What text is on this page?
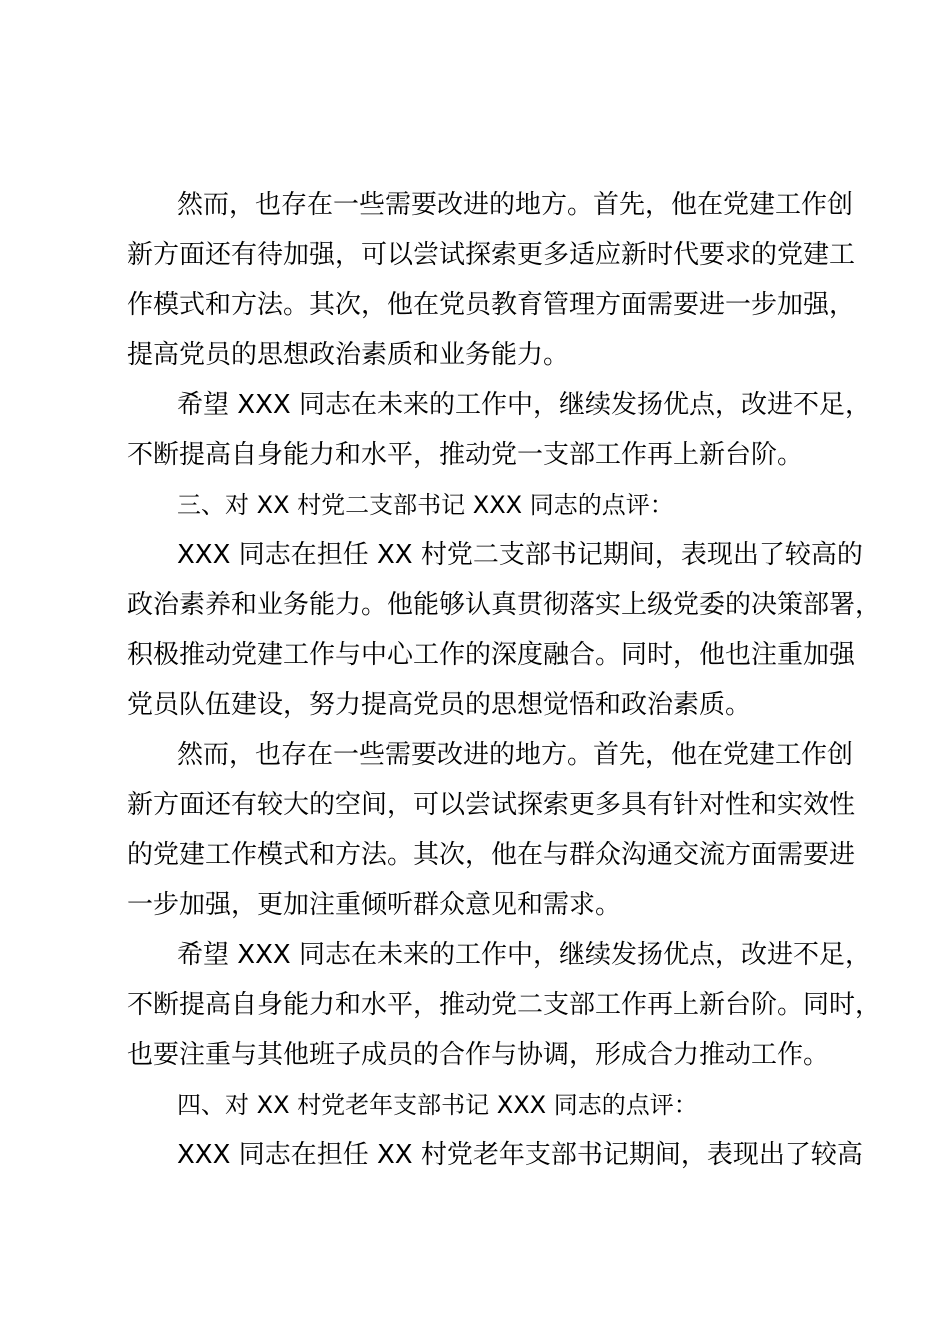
然而，也存在一些需要改进的地方。首先，他在党建工作创
新方面还有待加强，可以尝试探索更多适应新时代要求的党建工
作模式和方法。其次，他在党员教育管理方面需要进一步加强，
提高党员的思想政治素质和业务能力。
希望 XXX 同志在未来的工作中，继续发扬优点，改进不足，
不断提高自身能力和水平，推动党一支部工作再上新台阶。
三、对 XX 村党二支部书记 XXX 同志的点评：
XXX 同志在担任 XX 村党二支部书记期间，表现出了较高的
政治素养和业务能力。他能够认真贯彻落实上级党委的决策部署，
积极推动党建工作与中心工作的深度融合。同时，他也注重加强
党员队伍建设，努力提高党员的思想觉悟和政治素质。
然而，也存在一些需要改进的地方。首先，他在党建工作创
新方面还有较大的空间，可以尝试探索更多具有针对性和实效性
的党建工作模式和方法。其次，他在与群众沟通交流方面需要进
一步加强，更加注重倾听群众意见和需求。
希望 XXX 同志在未来的工作中，继续发扬优点，改进不足，
不断提高自身能力和水平，推动党二支部工作再上新台阶。同时，
也要注重与其他班子成员的合作与协调，形成合力推动工作。
四、对 XX 村党老年支部书记 XXX 同志的点评：
XXX 同志在担任 XX 村党老年支部书记期间，表现出了较高
